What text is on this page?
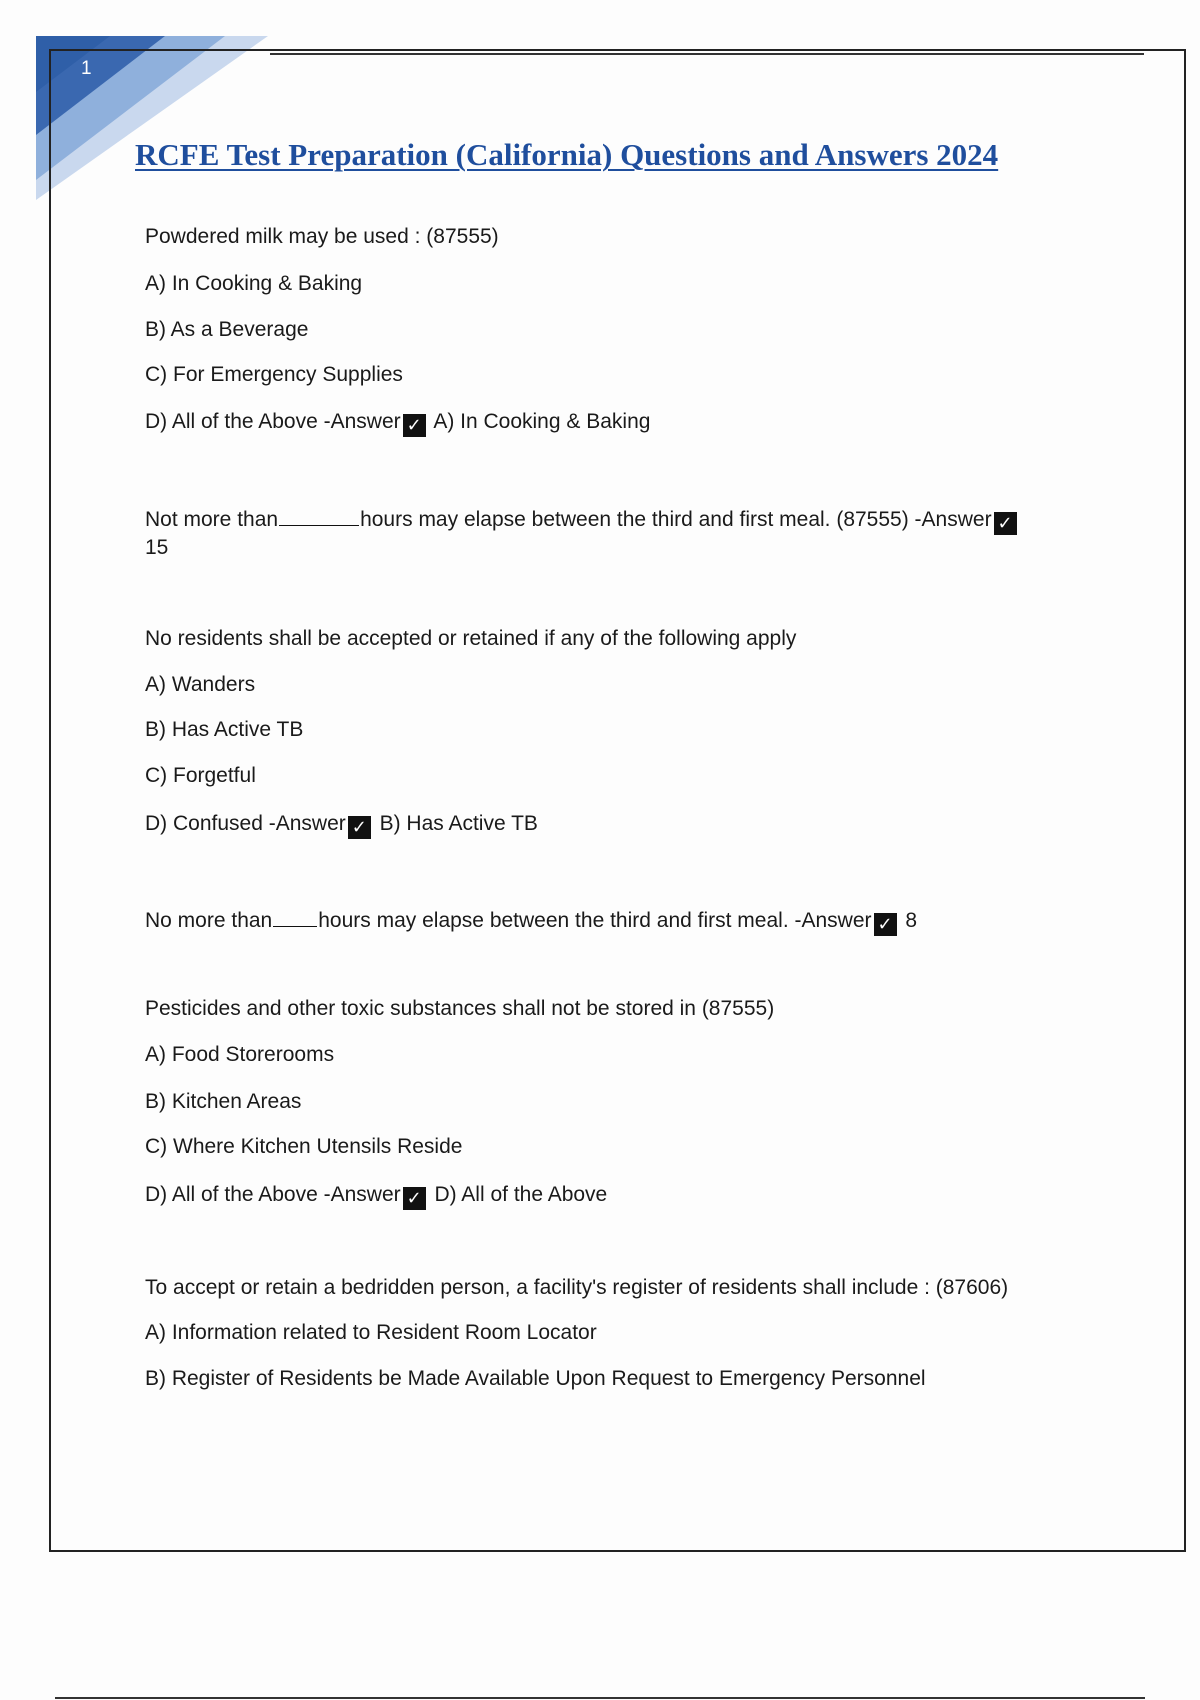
1
RCFE Test Preparation (California) Questions and Answers 2024
Powdered milk may be used : (87555)
A) In Cooking & Baking
B) As a Beverage
C) For Emergency Supplies
D) All of the Above -Answer ✓ A) In Cooking & Baking
Not more than	hours may elapse between the third and first meal. (87555) -Answer ✓
15
No residents shall be accepted or retained if any of the following apply
A) Wanders
B) Has Active TB
C) Forgetful
D) Confused -Answer ✓ B) Has Active TB
No more than hours may elapse between the third and first meal. -Answer ✓ 8
Pesticides and other toxic substances shall not be stored in (87555)
A) Food Storerooms
B) Kitchen Areas
C) Where Kitchen Utensils Reside
D) All of the Above -Answer ✓ D) All of the Above
To accept or retain a bedridden person, a facility's register of residents shall include : (87606)
A) Information related to Resident Room Locator
B) Register of Residents be Made Available Upon Request to Emergency Personnel
